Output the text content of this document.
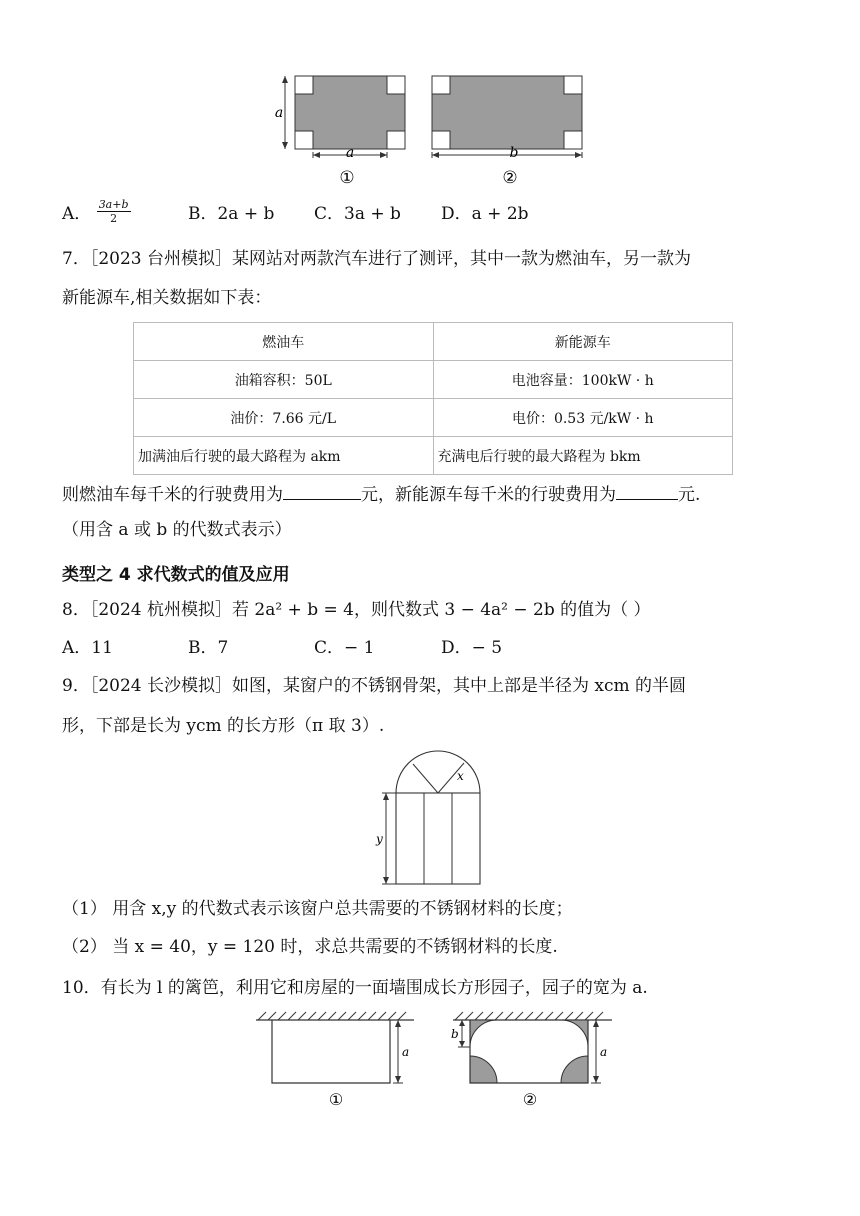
a
a	b
①	②
A． $\frac{3a+b}{2}$	B．2a + b C．3a + b D．a + 2b
7．［2023 台州模拟］某网站对两款汽车进行了测评，其中一款为燃油车，另一款为
新能源车,相关数据如下表：
燃油车	新能源车
油箱容积：50L	电池容量：100kW · h
油价：7.66 元/L	电价：0.53 元/kW · h
加满油后行驶的最大路程为 akm	充满电后行驶的最大路程为 bkm
则燃油车每千米的行驶费用为	元，新能源车每千米的行驶费用为	元.
（用含 a 或 b 的代数式表示）
类型之 4 求代数式的值及应用
8．［2024 杭州模拟］若 2a² + b = 4，则代数式 3 − 4a² − 2b 的值为（ ）
A．11	B．7	C．− 1	D．− 5
9．［2024 长沙模拟］如图，某窗户的不锈钢骨架，其中上部是半径为 xcm 的半圆
形，下部是长为 ycm 的长方形（π 取 3）.
x
y
（1） 用含 x,y 的代数式表示该窗户总共需要的不锈钢材料的长度；
（2） 当 x = 40，y = 120 时，求总共需要的不锈钢材料的长度.
10．有长为 l 的篱笆，利用它和房屋的一面墙围成长方形园子，园子的宽为 a.
a
①
b
a
②
